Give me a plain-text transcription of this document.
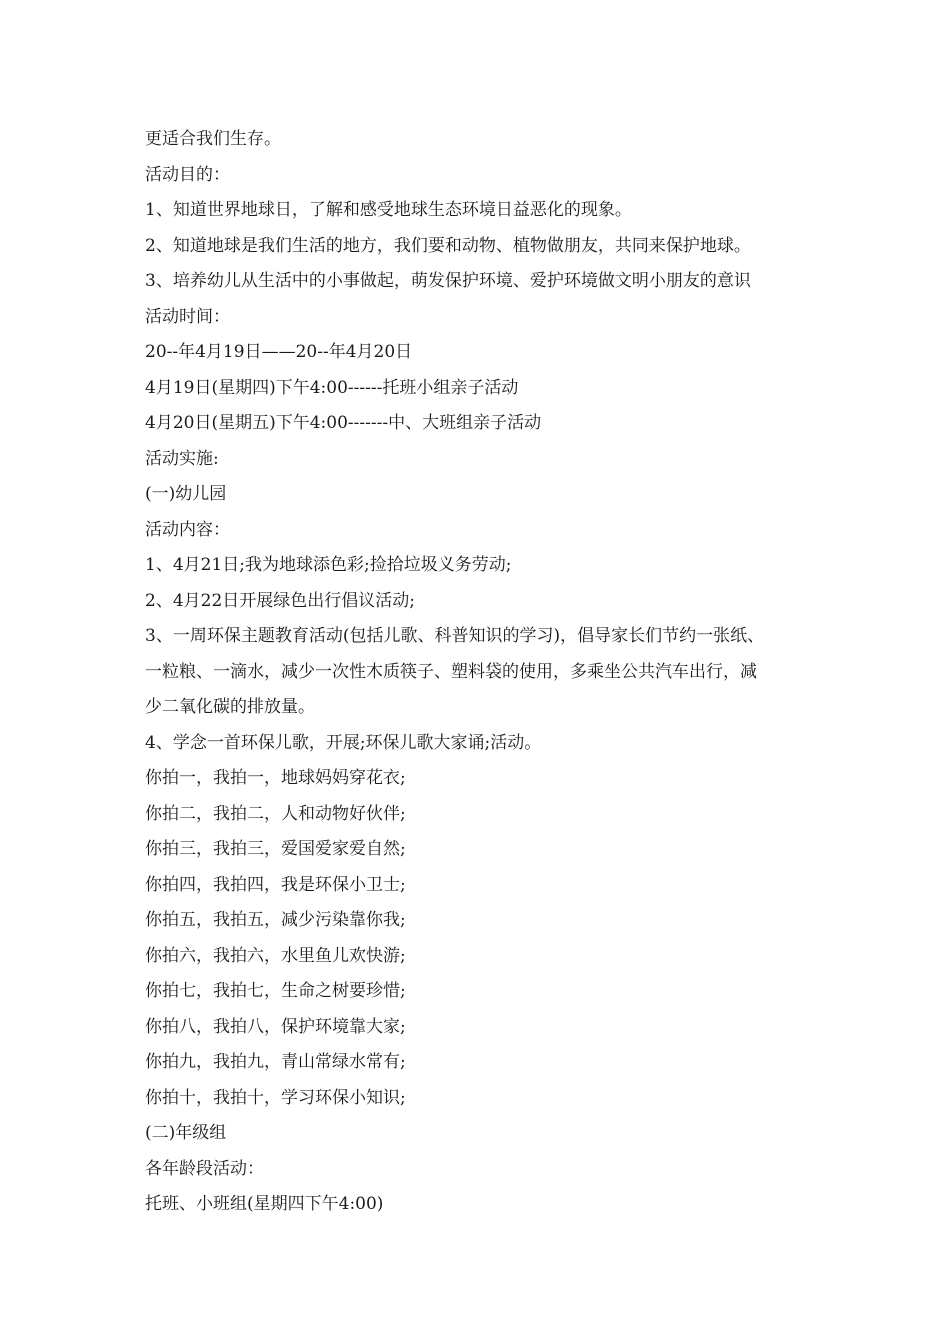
更适合我们生存。
活动目的：
1、知道世界地球日，了解和感受地球生态环境日益恶化的现象。
2、知道地球是我们生活的地方，我们要和动物、植物做朋友，共同来保护地球。
3、培养幼儿从生活中的小事做起，萌发保护环境、爱护环境做文明小朋友的意识
活动时间：
20--年4月19日——20--年4月20日
4月19日(星期四)下午4:00------托班小组亲子活动
4月20日(星期五)下午4:00-------中、大班组亲子活动
活动实施:
(一)幼儿园
活动内容：
1、4月21日;我为地球添色彩;捡拾垃圾义务劳动;
2、4月22日开展绿色出行倡议活动;
3、一周环保主题教育活动(包括儿歌、科普知识的学习)，倡导家长们节约一张纸、
一粒粮、一滴水，减少一次性木质筷子、塑料袋的使用，多乘坐公共汽车出行，减
少二氧化碳的排放量。
4、学念一首环保儿歌，开展;环保儿歌大家诵;活动。
你拍一，我拍一，地球妈妈穿花衣;
你拍二，我拍二，人和动物好伙伴;
你拍三，我拍三，爱国爱家爱自然;
你拍四，我拍四，我是环保小卫士;
你拍五，我拍五，减少污染靠你我;
你拍六，我拍六，水里鱼儿欢快游;
你拍七，我拍七，生命之树要珍惜;
你拍八，我拍八，保护环境靠大家;
你拍九，我拍九，青山常绿水常有;
你拍十，我拍十，学习环保小知识;
(二)年级组
各年龄段活动：
托班、小班组(星期四下午4:00)
